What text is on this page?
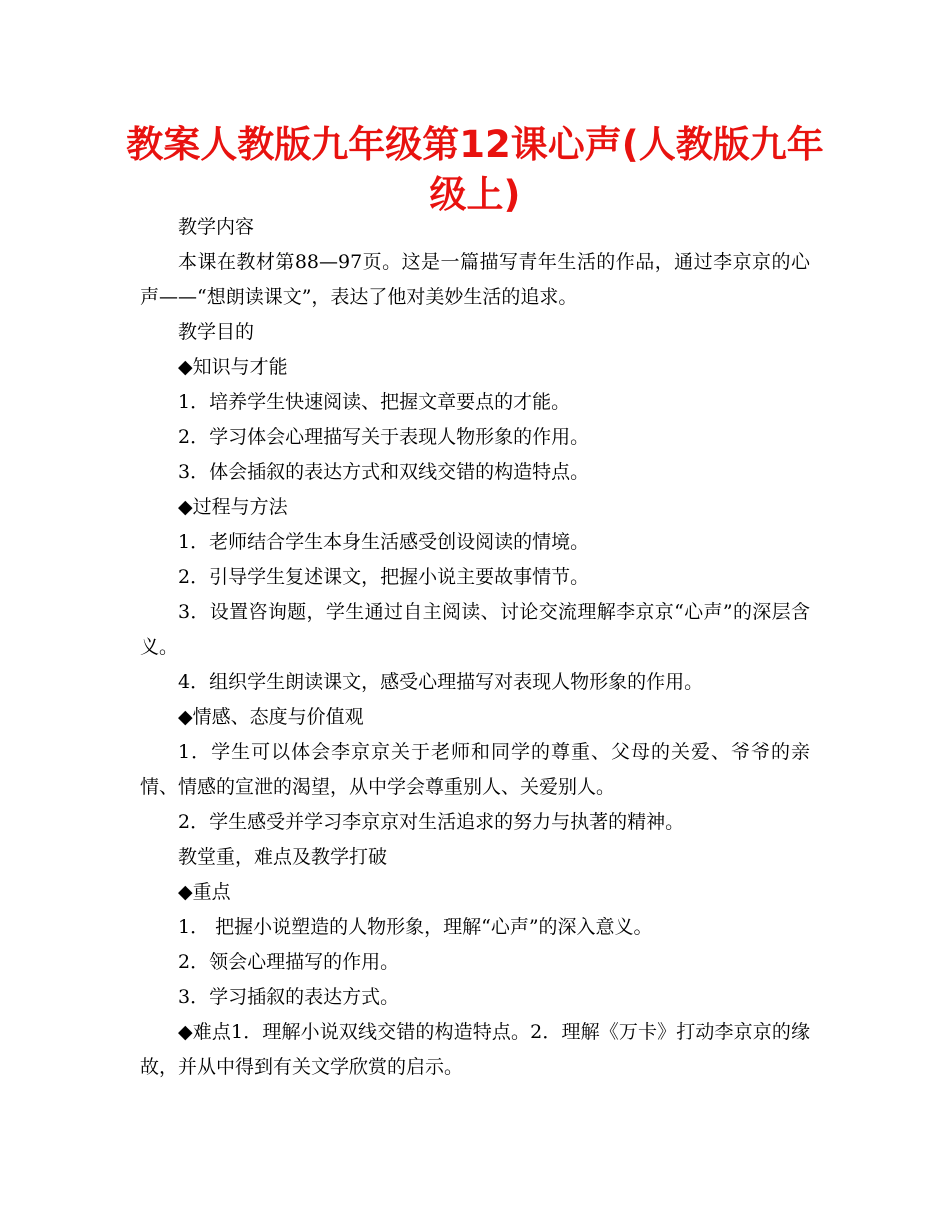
教案人教版九年级第12课心声(人教版九年级上)

教学内容

本课在教材第88—97页。这是一篇描写青年生活的作品，通过李京京的心声——“想朗读课文”，表达了他对美妙生活的追求。

教学目的

◆知识与才能

1．培养学生快速阅读、把握文章要点的才能。

2．学习体会心理描写关于表现人物形象的作用。

3．体会插叙的表达方式和双线交错的构造特点。

◆过程与方法

1．老师结合学生本身生活感受创设阅读的情境。

2．引导学生复述课文，把握小说主要故事情节。

3．设置咨询题，学生通过自主阅读、讨论交流理解李京京“心声”的深层含义。

4．组织学生朗读课文，感受心理描写对表现人物形象的作用。

◆情感、态度与价值观

1．学生可以体会李京京关于老师和同学的尊重、父母的关爱、爷爷的亲情、情感的宣泄的渴望，从中学会尊重别人、关爱别人。

2．学生感受并学习李京京对生活追求的努力与执著的精神。

教堂重，难点及教学打破

◆重点

1． 把握小说塑造的人物形象，理解“心声”的深入意义。

2．领会心理描写的作用。

3．学习插叙的表达方式。

◆难点1．理解小说双线交错的构造特点。2．理解《万卡》打动李京京的缘故，并从中得到有关文学欣赏的启示。
